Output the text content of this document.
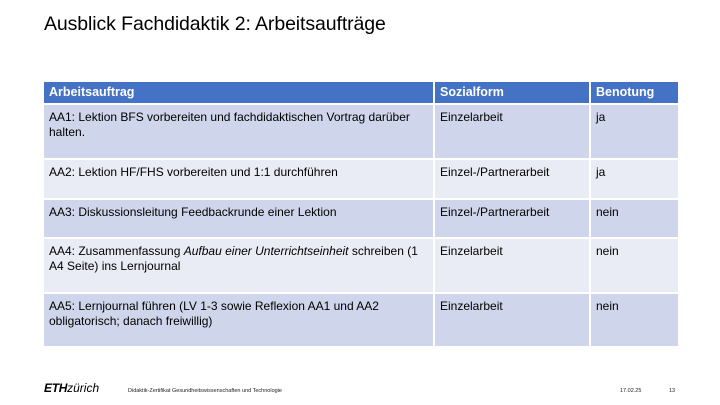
Ausblick Fachdidaktik 2: Arbeitsaufträge
Arbeitsauftrag	Sozialform	Benotung
AA1: Lektion BFS vorbereiten und fachdidaktischen Vortrag darüber halten.	Einzelarbeit	ja
AA2: Lektion HF/FHS vorbereiten und 1:1 durchführen	Einzel-/Partnerarbeit	ja
AA3: Diskussionsleitung Feedbackrunde einer Lektion	Einzel-/Partnerarbeit	nein
AA4: Zusammenfassung Aufbau einer Unterrichtseinheit schreiben (1 A4 Seite) ins Lernjournal	Einzelarbeit	nein
AA5: Lernjournal führen (LV 1-3 sowie Reflexion AA1 und AA2 obligatorisch; danach freiwillig)	Einzelarbeit	nein
ETHzürich	Didaktik-Zertifikat Gesundheitswissenschaften und Technologie	17.02.25	13
